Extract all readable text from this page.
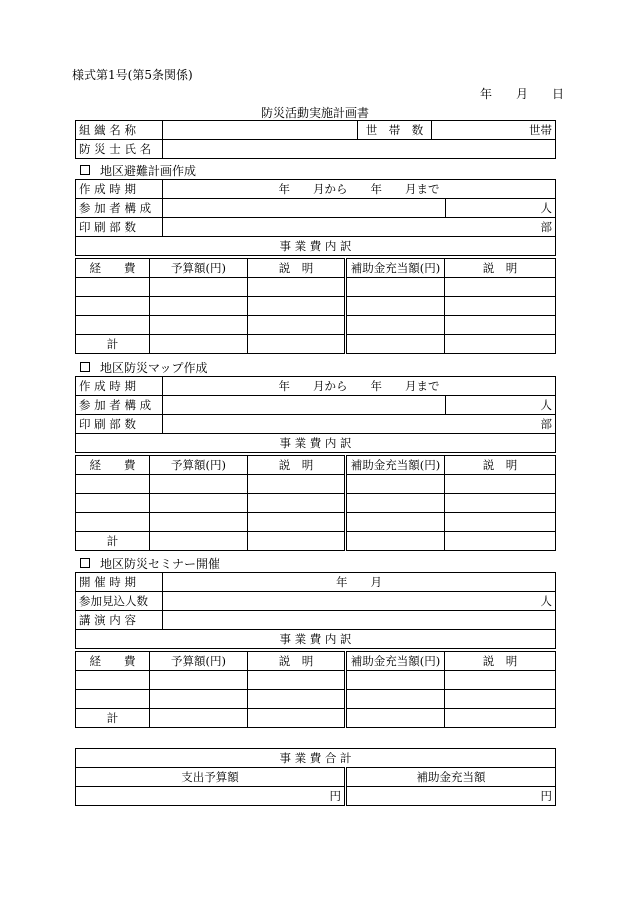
様式第1号(第5条関係)
年 月 日
防災活動実施計画書
組 織 名 称		世　帯　数	世帯
防 災 士 氏 名			
地区避難計画作成
作 成 時 期	年　　月から　　年　　月まで	
参 加 者 構 成		人
印 刷 部 数	部	
事 業 費 内 訳		
経　　費	予算額(円)	説　明	補助金充当額(円)	説　明

計				
地区防災マップ作成
作 成 時 期	年　　月から　　年　　月まで	
参 加 者 構 成		人
印 刷 部 数	部	
事 業 費 内 訳		
経　　費	予算額(円)	説　明	補助金充当額(円)	説　明

計				
地区防災セミナー開催
開 催 時 期	年　　月
参加見込人数	人
講 演 内 容	
事 業 費 内 訳	
経　　費	予算額(円)	説　明	補助金充当額(円)	説　明

計				
事 業 費 合 計	
支出予算額	補助金充当額
円	円
